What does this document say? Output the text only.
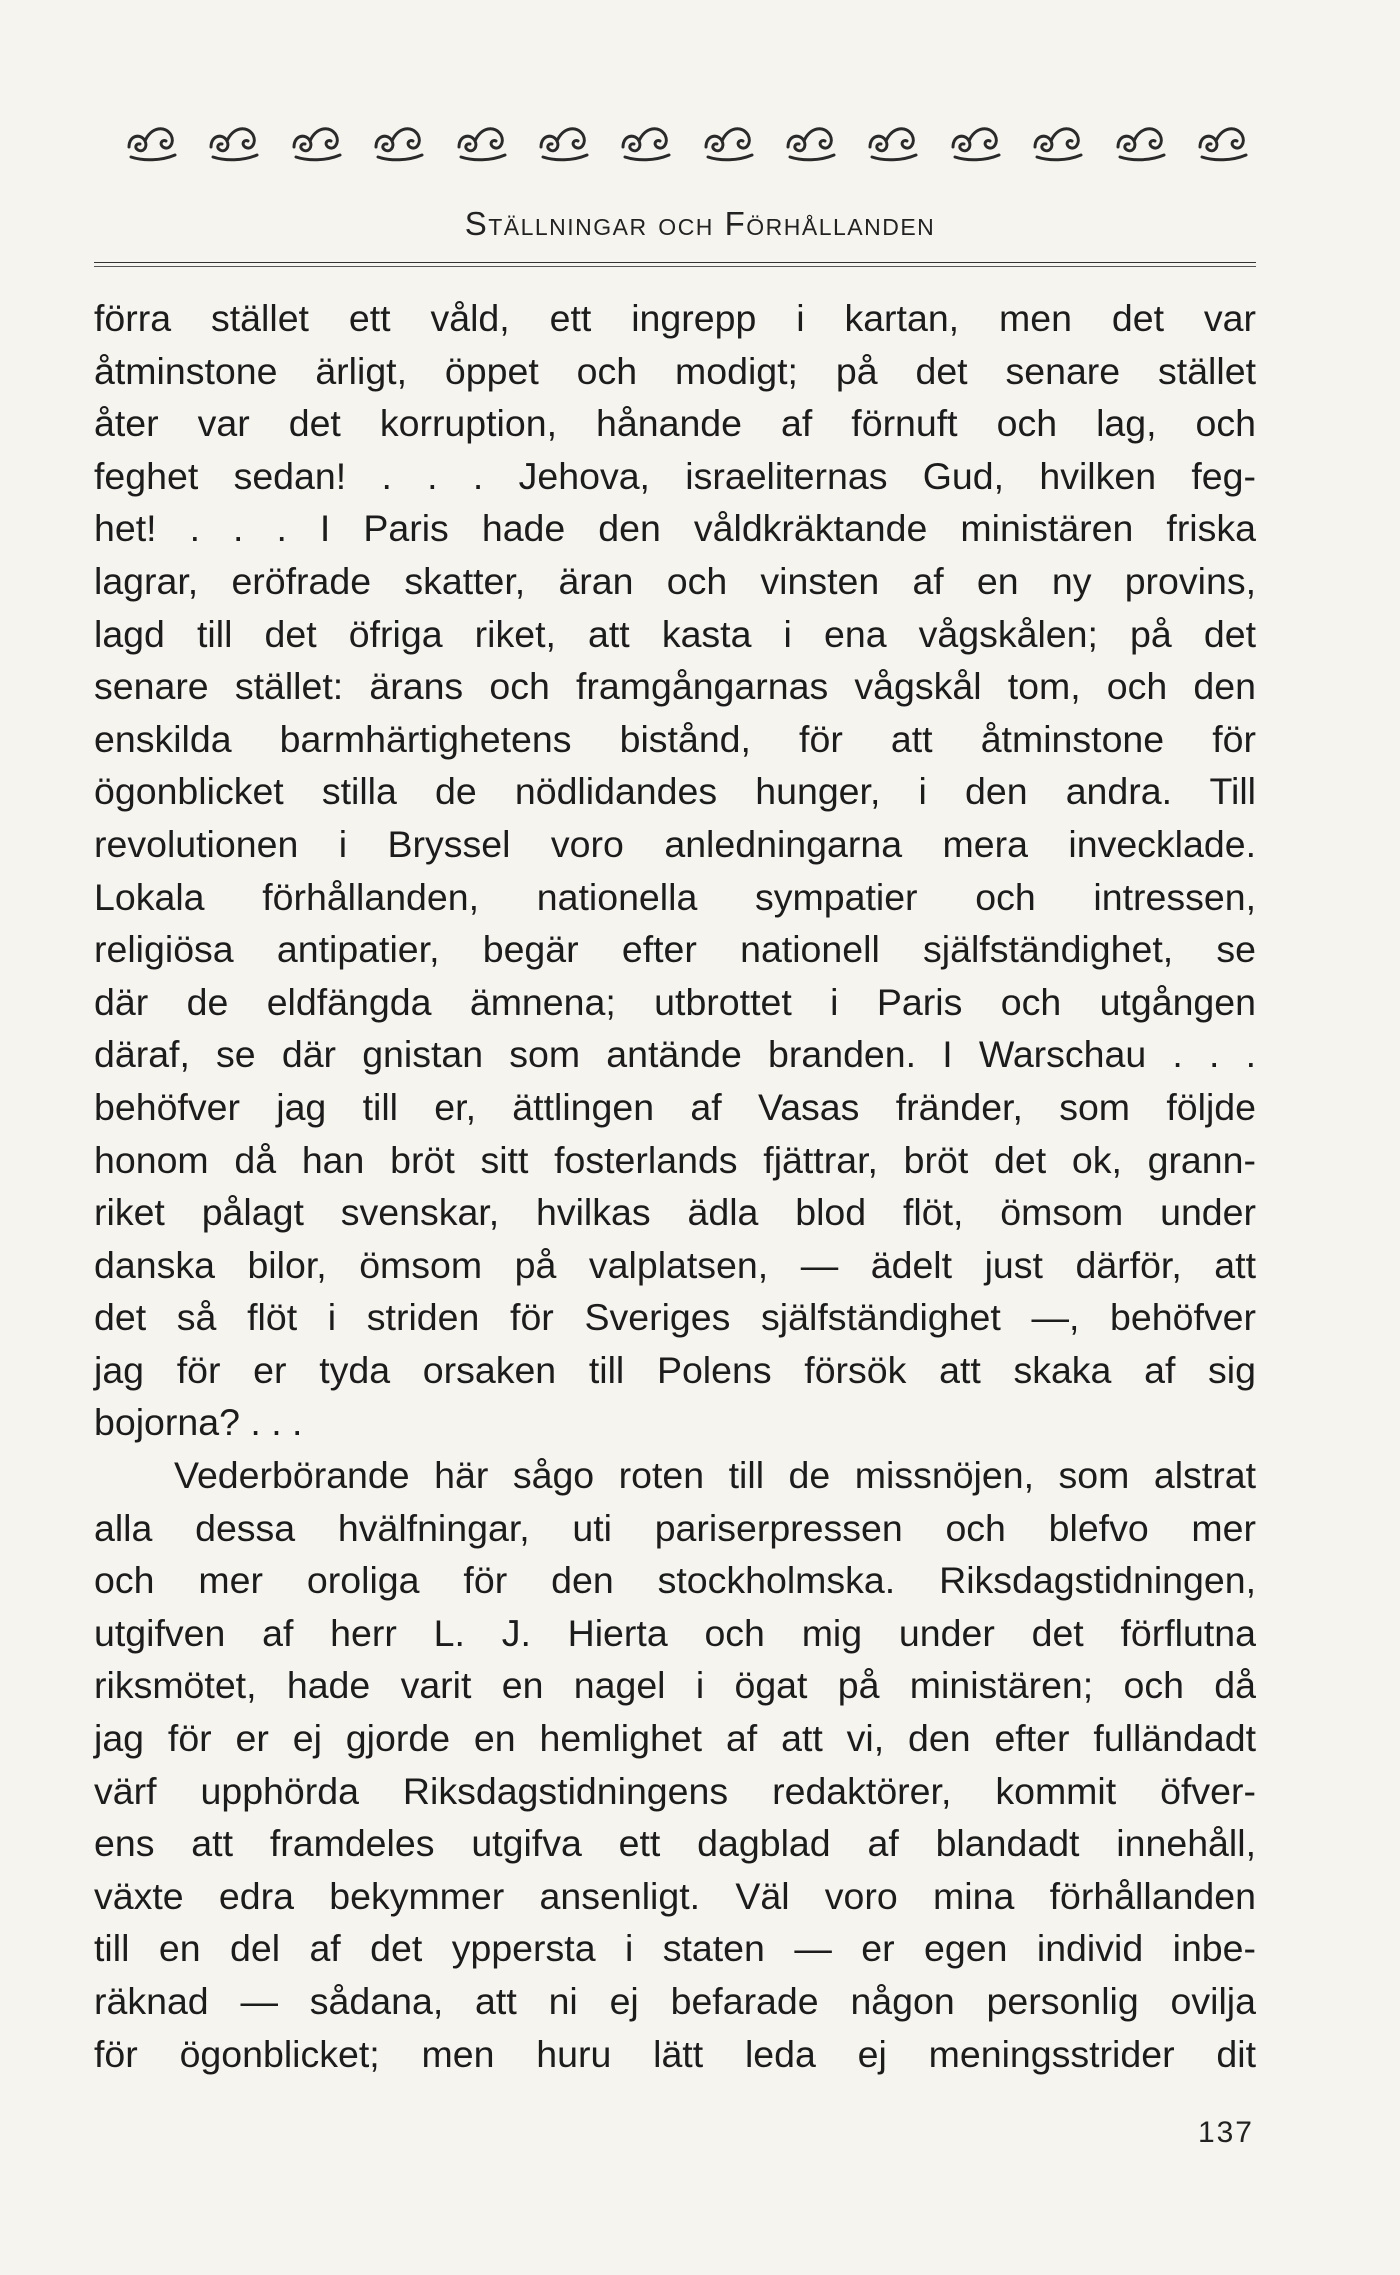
Ställningar och Förhållanden
förra stället ett våld, ett ingrepp i kartan, men det var
åtminstone ärligt, öppet och modigt; på det senare stället
åter var det korruption, hånande af förnuft och lag, och
feghet sedan! . . . Jehova, israeliternas Gud, hvilken feg-
het! . . . I Paris hade den våldkräktande ministären friska
lagrar, eröfrade skatter, äran och vinsten af en ny provins,
lagd till det öfriga riket, att kasta i ena vågskålen; på det
senare stället: ärans och framgångarnas vågskål tom, och den
enskilda barmhärtighetens bistånd, för att åtminstone för
ögonblicket stilla de nödlidandes hunger, i den andra. Till
revolutionen i Bryssel voro anledningarna mera invecklade.
Lokala förhållanden, nationella sympatier och intressen,
religiösa antipatier, begär efter nationell själfständighet, se
där de eldfängda ämnena; utbrottet i Paris och utgången
däraf, se där gnistan som antände branden. I Warschau . . .
behöfver jag till er, ättlingen af Vasas fränder, som följde
honom då han bröt sitt fosterlands fjättrar, bröt det ok, grann-
riket pålagt svenskar, hvilkas ädla blod flöt, ömsom under
danska bilor, ömsom på valplatsen, — ädelt just därför, att
det så flöt i striden för Sveriges själfständighet —, behöfver
jag för er tyda orsaken till Polens försök att skaka af sig
bojorna? . . .
Vederbörande här sågo roten till de missnöjen, som alstrat
alla dessa hvälfningar, uti pariserpressen och blefvo mer
och mer oroliga för den stockholmska. Riksdagstidningen,
utgifven af herr L. J. Hierta och mig under det förflutna
riksmötet, hade varit en nagel i ögat på ministären; och då
jag för er ej gjorde en hemlighet af att vi, den efter fulländadt
värf upphörda Riksdagstidningens redaktörer, kommit öfver-
ens att framdeles utgifva ett dagblad af blandadt innehåll,
växte edra bekymmer ansenligt. Väl voro mina förhållanden
till en del af det yppersta i staten — er egen individ inbe-
räknad — sådana, att ni ej befarade någon personlig ovilja
för ögonblicket; men huru lätt leda ej meningsstrider dit
137
